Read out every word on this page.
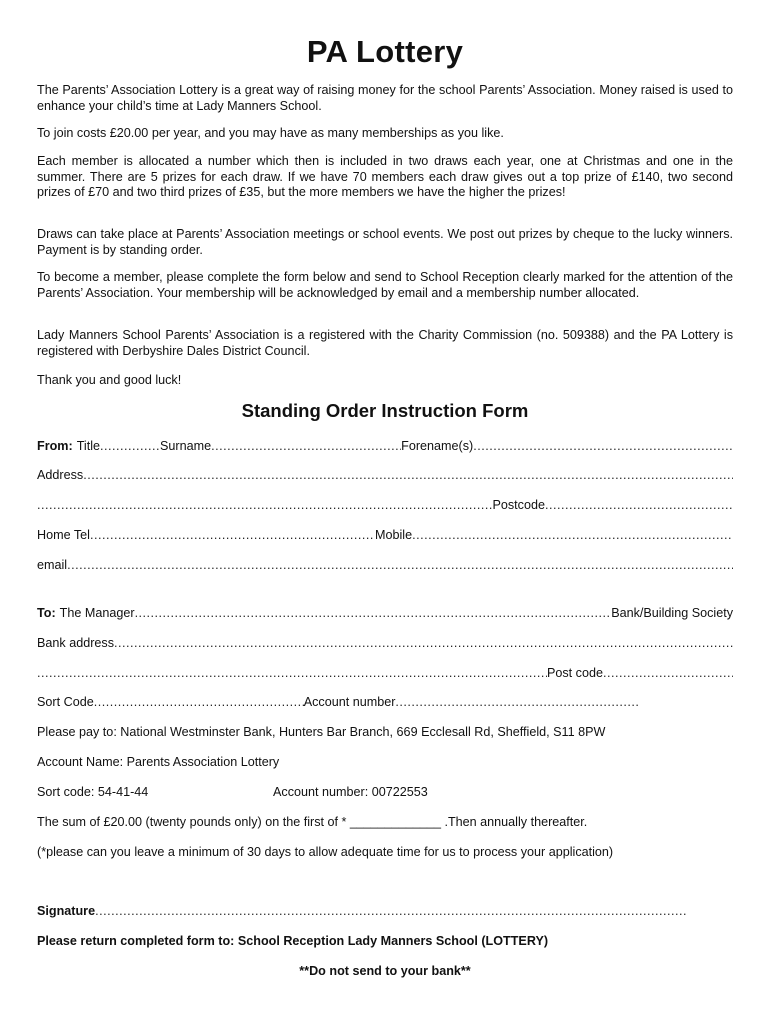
PA Lottery

The Parents’ Association Lottery is a great way of raising money for the school Parents’ Association. Money raised is used to enhance your child’s time at Lady Manners School.

To join costs £20.00 per year, and you may have as many memberships as you like.

Each member is allocated a number which then is included in two draws each year, one at Christmas and one in the summer. There are 5 prizes for each draw. If we have 70 members each draw gives out a top prize of £140, two second prizes of £70 and two third prizes of £35, but the more members we have the higher the prizes!

Draws can take place at Parents’ Association meetings or school events. We post out prizes by cheque to the lucky winners. Payment is by standing order.

To become a member, please complete the form below and send to School Reception clearly marked for the attention of the Parents’ Association. Your membership will be acknowledged by email and a membership number allocated.

Lady Manners School Parents’ Association is a registered with the Charity Commission (no. 509388) and the PA Lottery is registered with Derbyshire Dales District Council.

Thank you and good luck!

Standing Order Instruction Form
From: Title .....	Surname .....	Forename(s)
.....
Address
.....
.....
Postcode
.....
Home Tel .....	Mobile
.....
email
.....
To: The Manager .....	Bank/Building Society
Bank address
.....
.....
Post code
.....
Sort Code .....	Account number
.....
Please pay to: National Westminster Bank, Hunters Bar Branch, 669 Ecclesall Rd, Sheffield, S11 8PW
Account Name: Parents Association Lottery
Sort code: 54-41-44	Account number: 00722553
The sum of £20.00 (twenty pounds only) on the first of * _____________ .Then annually thereafter.
(*please can you leave a minimum of 30 days to allow adequate time for us to process your application)
Signature
.....
Please return completed form to: School Reception Lady Manners School (LOTTERY)
**Do not send to your bank**
